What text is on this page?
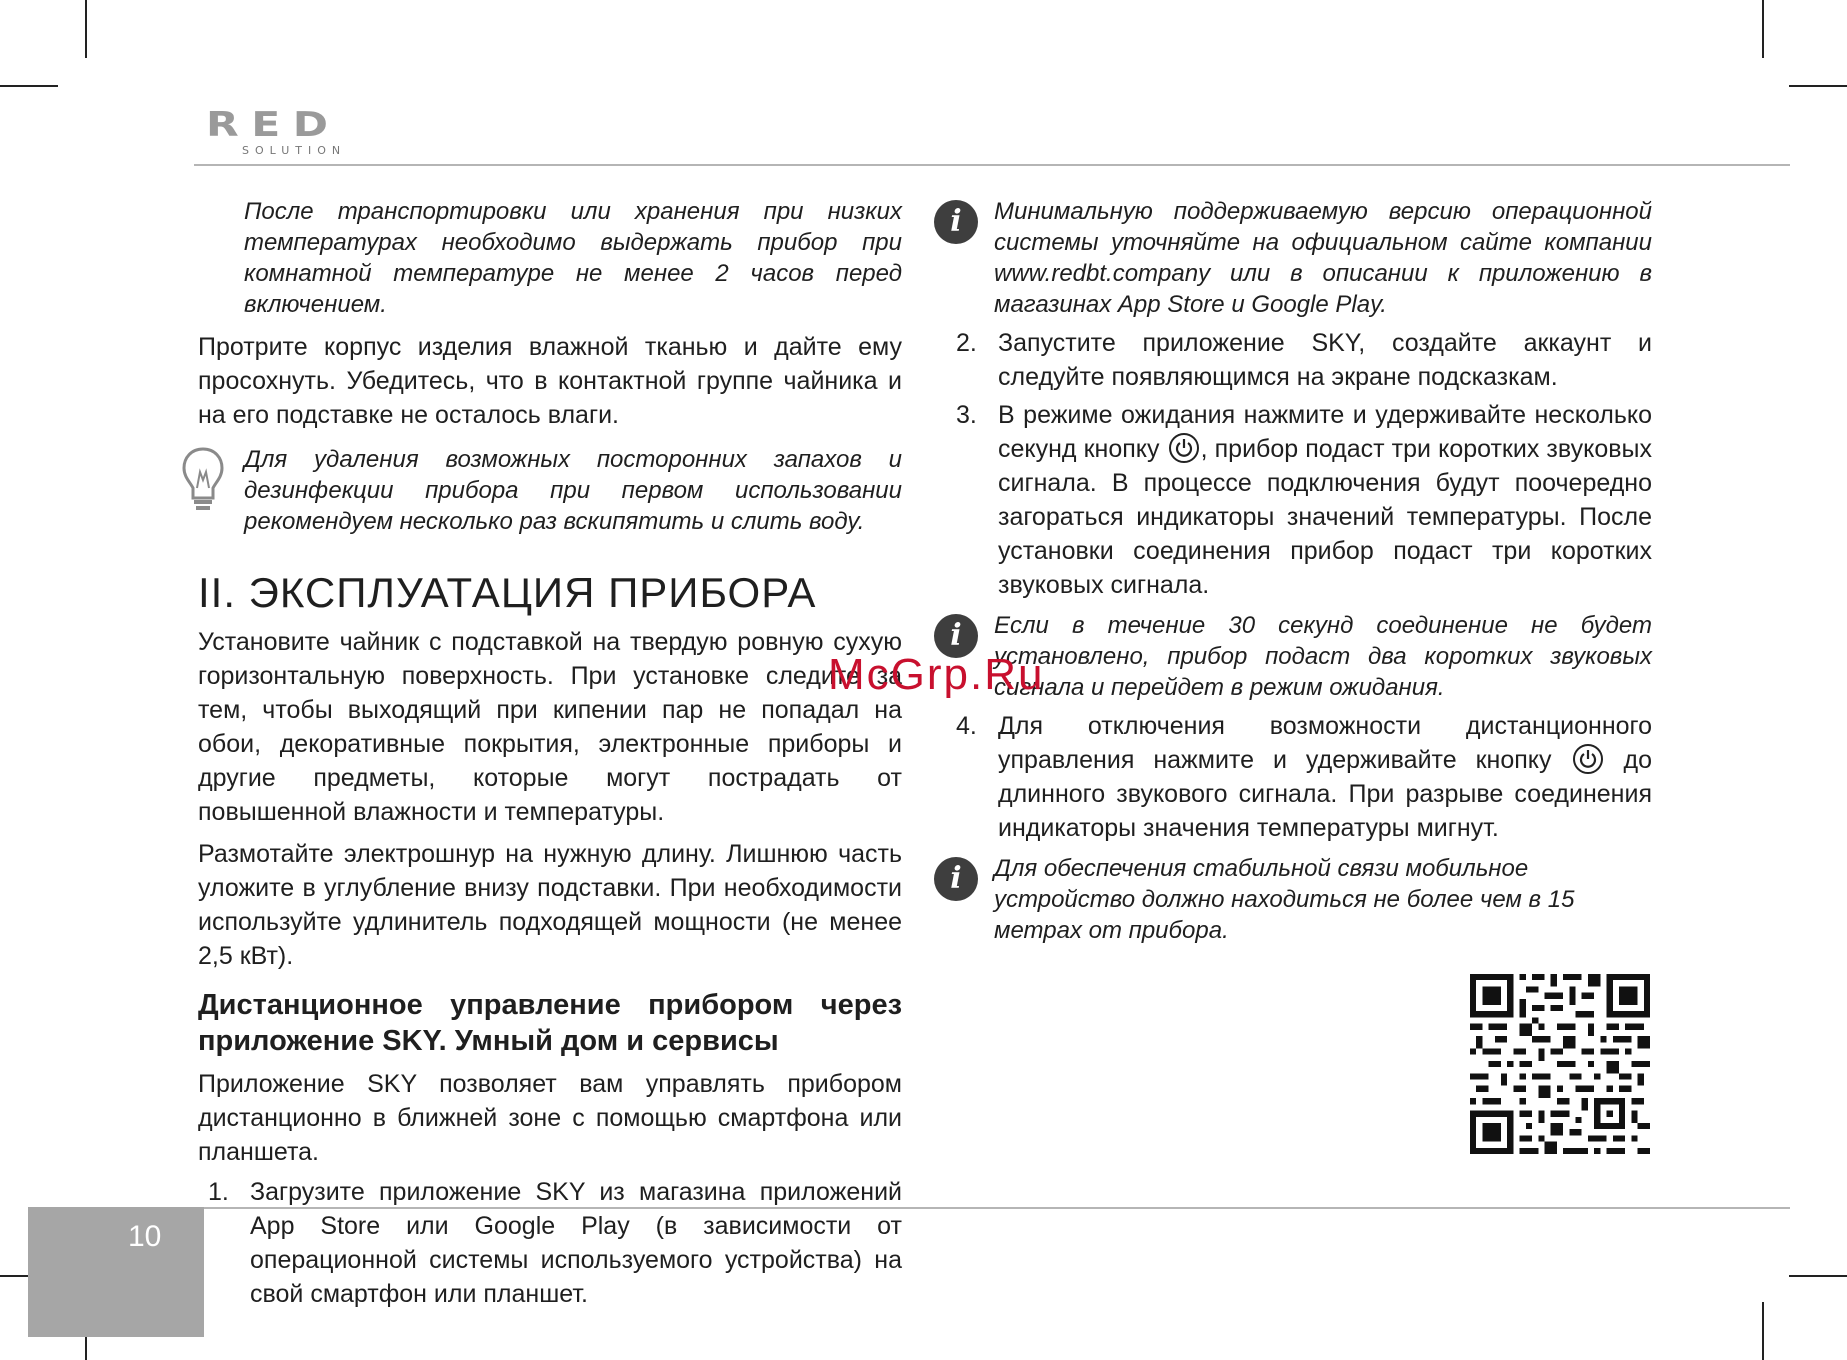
RED
SOLUTION

После транспортировки или хранения при низких температурах необходимо выдержать прибор при комнатной температуре не менее 2 часов перед включением.

Протрите корпус изделия влажной тканью и дайте ему просохнуть. Убедитесь, что в контактной группе чайника и на его подставке не осталось влаги.

Для удаления возможных посторонних запахов и дезинфекции прибора при первом использовании рекомендуем несколько раз вскипятить и слить воду.

II. ЭКСПЛУАТАЦИЯ ПРИБОРА

Установите чайник с подставкой на твердую ровную сухую горизонтальную поверхность. При установке следите за тем, чтобы выходящий при кипении пар не попадал на обои, декоративные покрытия, электронные приборы и другие предметы, которые могут пострадать от повышенной влажности и температуры.

Размотайте электрошнур на нужную длину. Лишнюю часть уложите в углубление внизу подставки. При необходимости используйте удлинитель подходящей мощности (не менее 2,5 кВт).

Дистанционное управление прибором через приложение SKY. Умный дом и сервисы

Приложение SKY позволяет вам управлять прибором дистанционно в ближней зоне с помощью смартфона или планшета.

1. Загрузите приложение SKY из магазина приложений App Store или Google Play (в зависимости от операционной системы используемого устройства) на свой смартфон или планшет.

i	Минимальную поддерживаемую версию операционной системы уточняйте на официальном сайте компании www.redbt.company или в описании к приложению в магазинах App Store и Google Play.

2. Запустите приложение SKY, создайте аккаунт и следуйте появляющимся на экране подсказкам.

3. В режиме ожидания нажмите и удерживайте несколько секунд кнопку , прибор подаст три коротких звуковых сигнала. В процессе подключения будут поочередно загораться индикаторы значений температуры. После установки соединения прибор подаст три коротких звуковых сигнала.

i	Если в течение 30 секунд соединение не будет установлено, прибор подаст два коротких звуковых сигнала и перейдет в режим ожидания.

4. Для отключения возможности дистанционного управления нажмите и удерживайте кнопку	до длинного звукового сигнала. При разрыве соединения индикаторы значения температуры мигнут.

i	Для обеспечения стабильной связи мобильное устройство должно находиться не более чем в 15 метрах от прибора.

McGrp.Ru
10
